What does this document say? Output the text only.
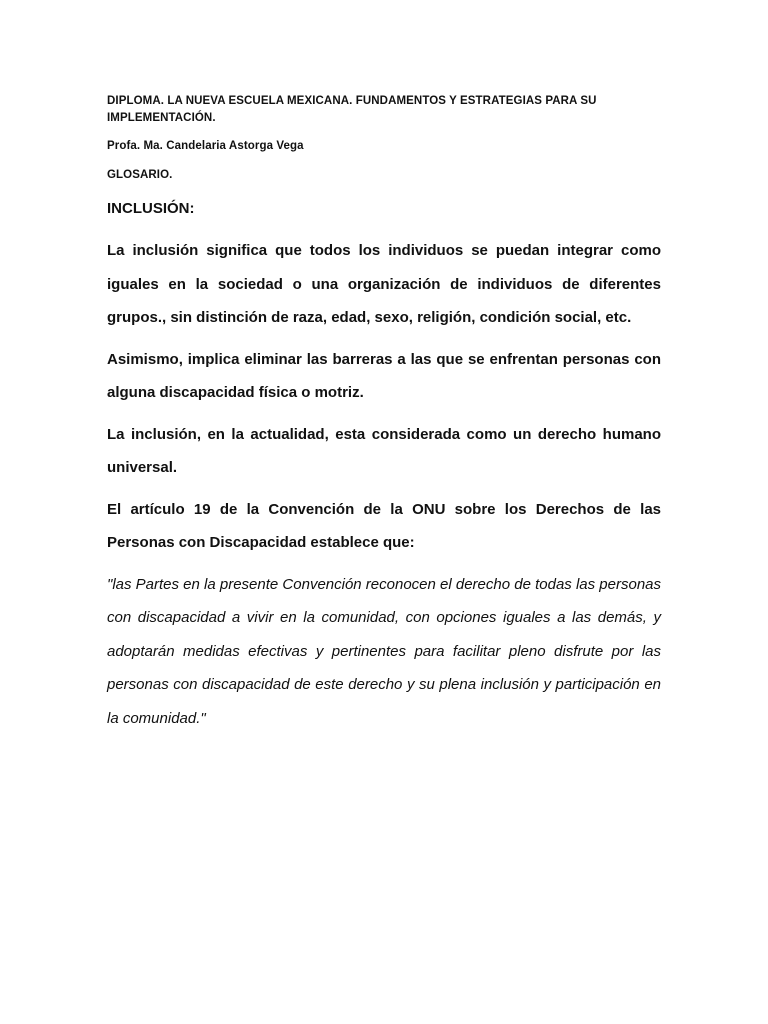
DIPLOMA. LA NUEVA ESCUELA MEXICANA. FUNDAMENTOS Y ESTRATEGIAS PARA SU IMPLEMENTACIÓN.

Profa. Ma. Candelaria Astorga Vega

GLOSARIO.

INCLUSIÓN:

La inclusión significa que todos los individuos se puedan integrar como iguales en la sociedad o una organización de individuos de diferentes grupos., sin distinción de raza, edad, sexo, religión, condición social, etc.

Asimismo, implica eliminar las barreras a las que se enfrentan personas con alguna discapacidad física o motriz.

La inclusión, en la actualidad, esta considerada como un derecho humano universal.

El artículo 19 de la Convención de la ONU sobre los Derechos de las Personas con Discapacidad establece que:

"las Partes en la presente Convención reconocen el derecho de todas las personas con discapacidad a vivir en la comunidad, con opciones iguales a las demás, y adoptarán medidas efectivas y pertinentes para facilitar pleno disfrute por las personas con discapacidad de este derecho y su plena inclusión y participación en la comunidad."
